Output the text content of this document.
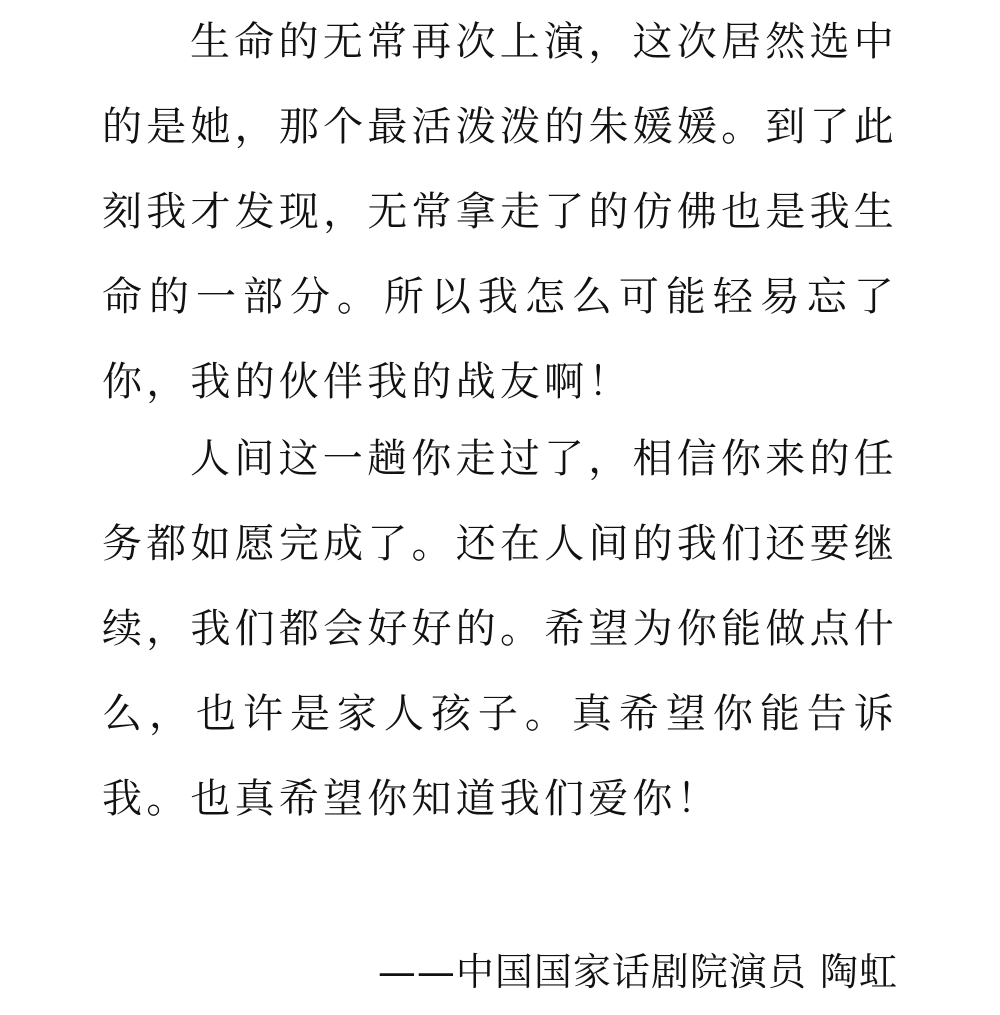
生命的无常再次上演，这次居然选中的是她，那个最活泼泼的朱媛媛。到了此刻我才发现，无常拿走了的仿佛也是我生命的一部分。所以我怎么可能轻易忘了你，我的伙伴我的战友啊！

人间这一趟你走过了，相信你来的任务都如愿完成了。还在人间的我们还要继续，我们都会好好的。希望为你能做点什么，也许是家人孩子。真希望你能告诉我。也真希望你知道我们爱你！

——中国国家话剧院演员 陶虹
